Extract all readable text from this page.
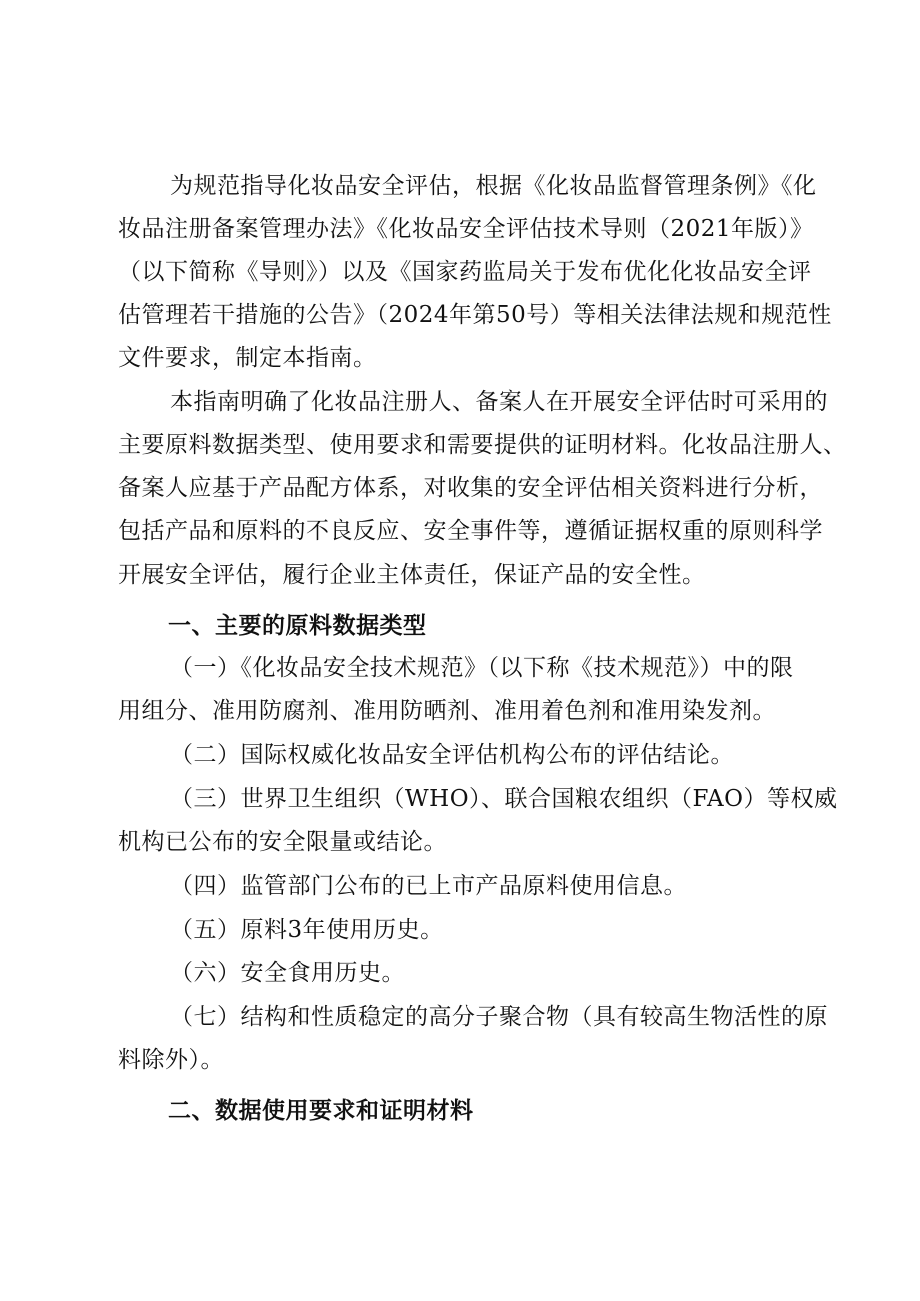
为规范指导化妆品安全评估，根据《化妆品监督管理条例》《化

妆品注册备案管理办法》《化妆品安全评估技术导则（2021年版）》

（以下简称《导则》）以及《国家药监局关于发布优化化妆品安全评

估管理若干措施的公告》（2024年第50号）等相关法律法规和规范性

文件要求，制定本指南。

本指南明确了化妆品注册人、备案人在开展安全评估时可采用的

主要原料数据类型、使用要求和需要提供的证明材料。化妆品注册人、

备案人应基于产品配方体系，对收集的安全评估相关资料进行分析，

包括产品和原料的不良反应、安全事件等，遵循证据权重的原则科学

开展安全评估，履行企业主体责任，保证产品的安全性。

一、主要的原料数据类型

（一）《化妆品安全技术规范》（以下称《技术规范》）中的限

用组分、准用防腐剂、准用防晒剂、准用着色剂和准用染发剂。

（二）国际权威化妆品安全评估机构公布的评估结论。

（三）世界卫生组织（WHO）、联合国粮农组织（FAO）等权威

机构已公布的安全限量或结论。

（四）监管部门公布的已上市产品原料使用信息。

（五）原料3年使用历史。

（六）安全食用历史。

（七）结构和性质稳定的高分子聚合物（具有较高生物活性的原

料除外）。

二、数据使用要求和证明材料
